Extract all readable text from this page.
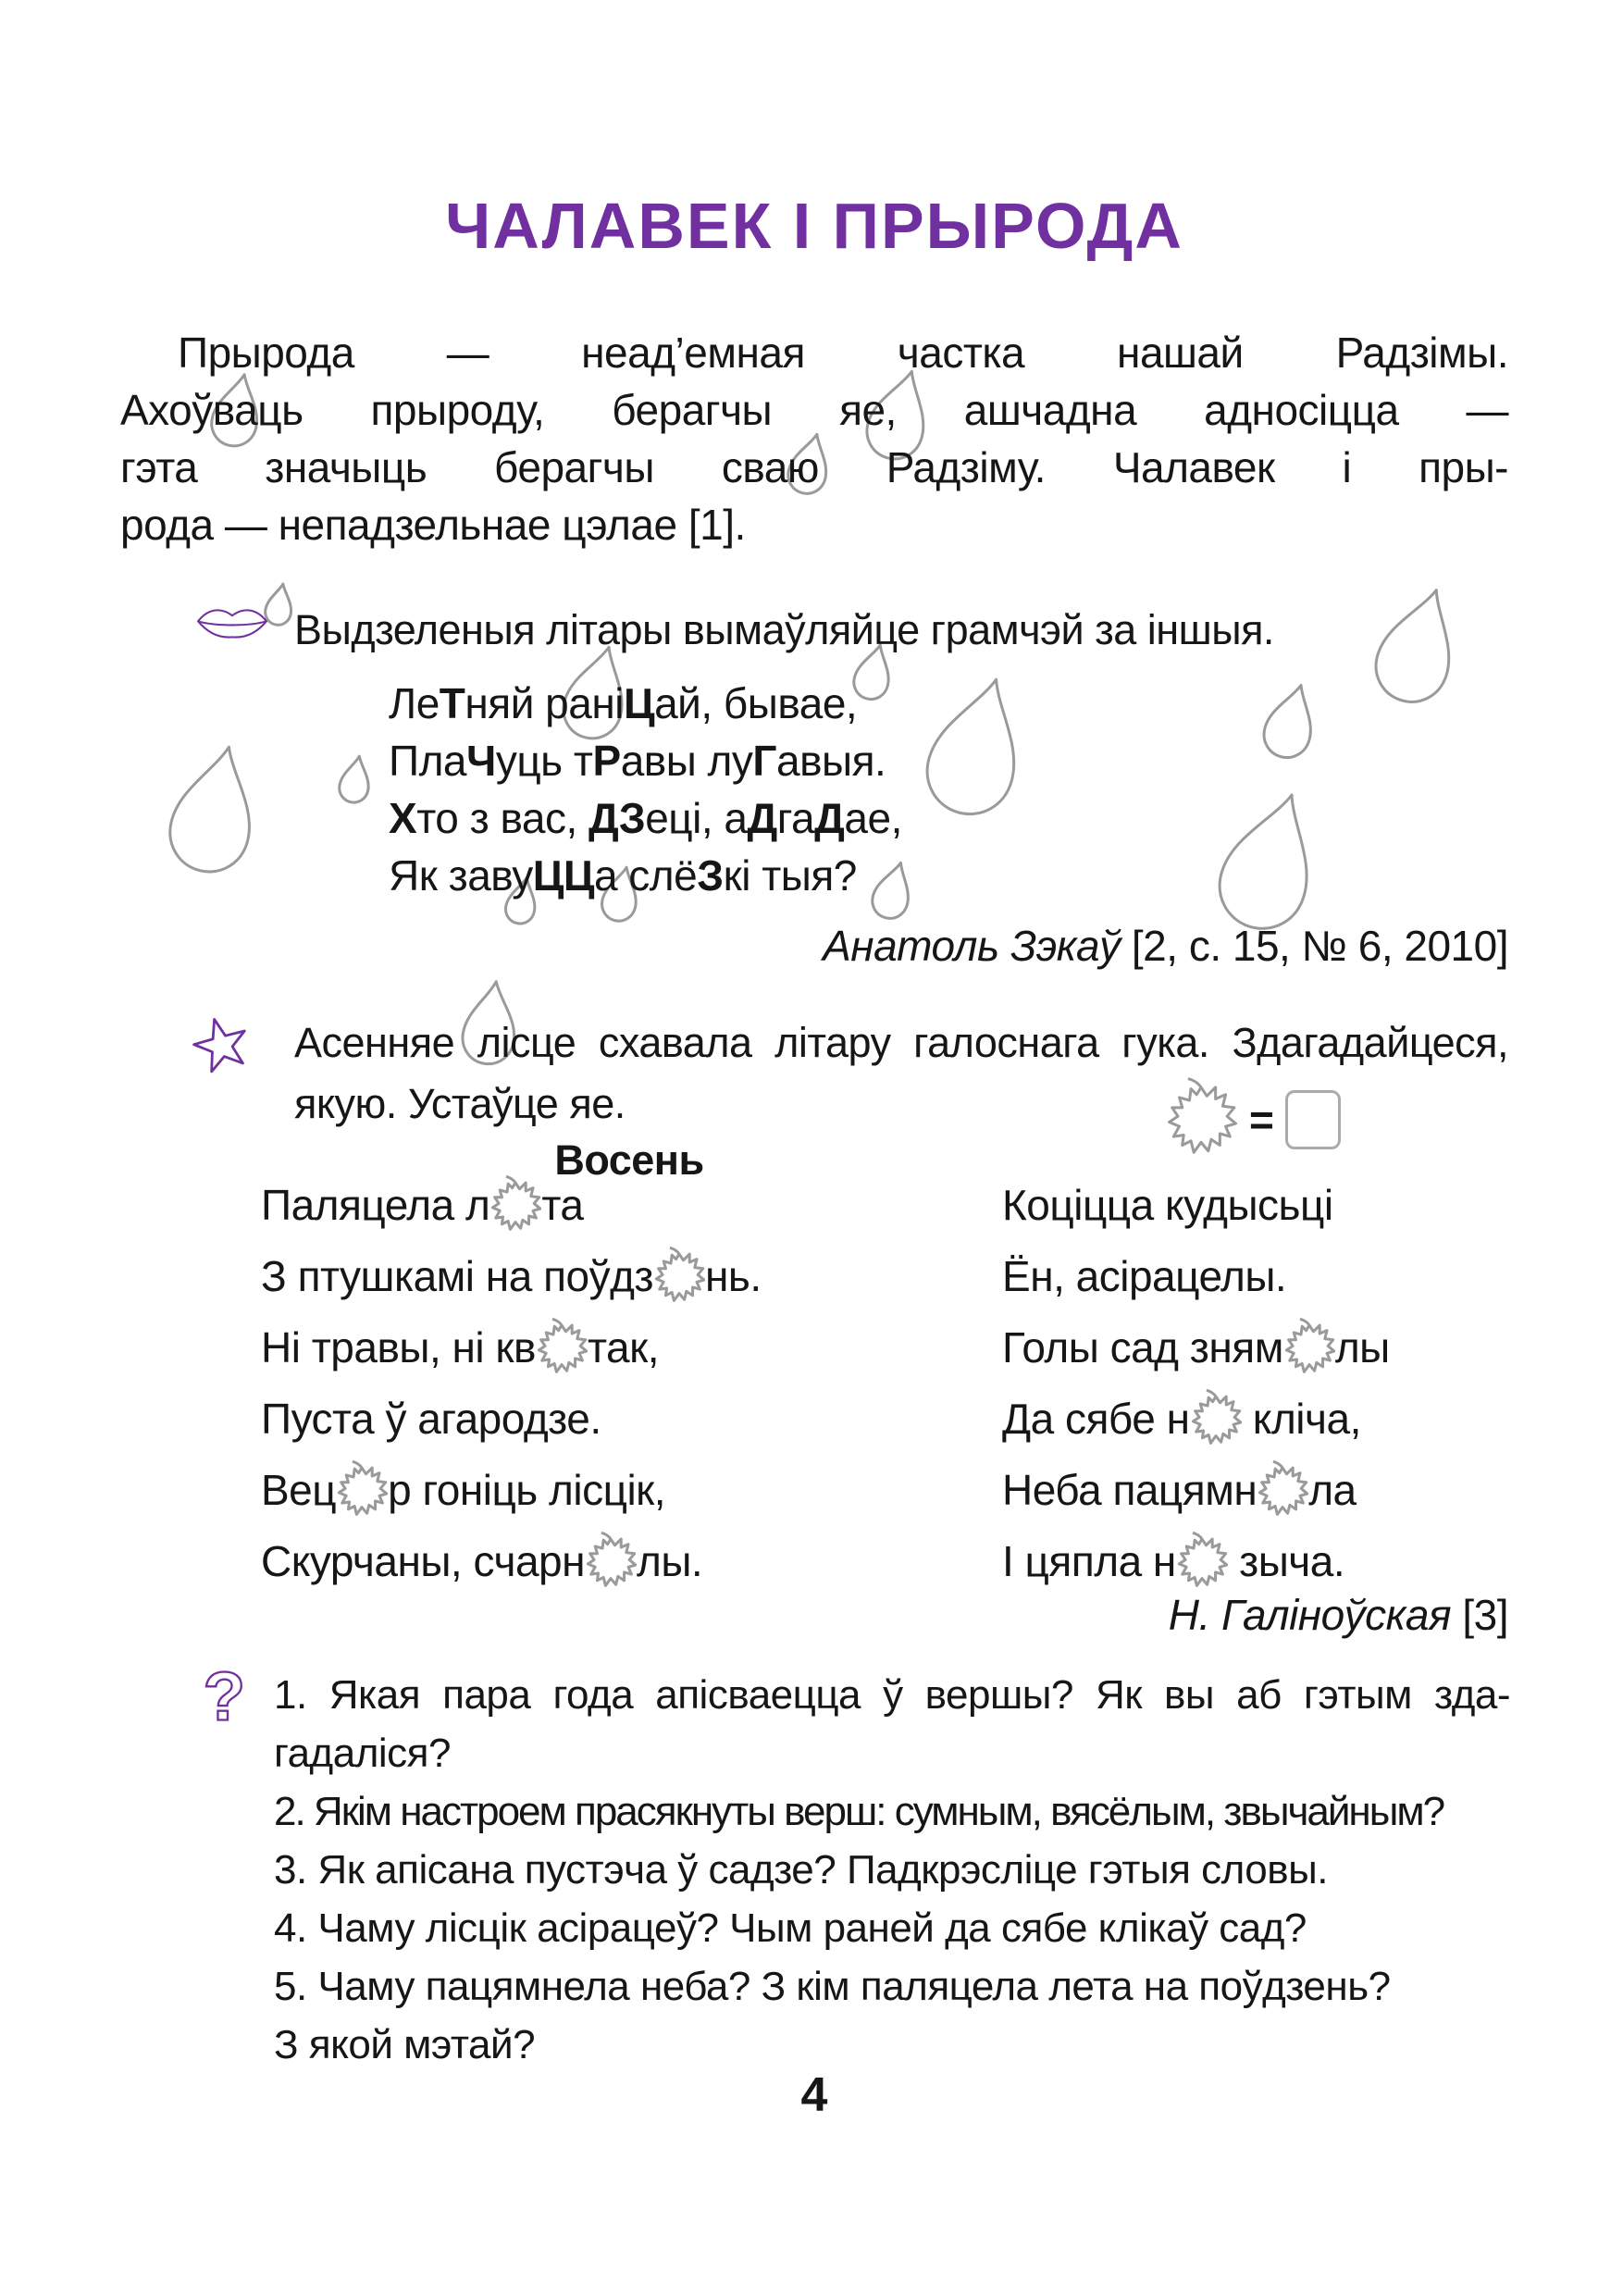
ЧАЛАВЕК І ПРЫРОДА
Прырода — неад’емная частка нашай Радзімы.
Ахоўваць прыроду, берагчы яе, ашчадна адносіцца —
гэта значыць берагчы сваю Радзіму. Чалавек і пры-
рода — непадзельнае цэлае [1].
Выдзеленыя літары вымаўляйце грамчэй за іншыя.
ЛеТняй раніЦай, бывае,
ПлаЧуць тРавы луГавыя.
Хто з вас, ДЗеці, аДгаДае,
Як завуЦЦа слёЗкі тыя?
Анатоль Зэкаў [2, с. 15, № 6, 2010]
Асенняе лісце схавала літару галоснага гука. Здагадайцеся,
якую. Устаўце яе.	=
Восень
Паляцела л та
З птушкамі на поўдз нь.
Ні травы, ні кв так,
Пуста ў агародзе.
Вец р гоніць лісцік,
Скурчаны, счарн лы.
Коціцца кудысьці
Ён, асірацелы.
Голы сад зням лы
Да сябе н кліча,
Неба пацямн ла
І цяпла н зыча.
Н. Галіноўская [3]
? 1. Якая пара года апісваецца ў вершы? Як вы аб гэтым зда-
гадаліся?
2. Якім настроем прасякнуты верш: сумным, вясёлым, звычайным?
3. Як апісана пустэча ў садзе? Падкрэсліце гэтыя словы.
4. Чаму лісцік асірацеў? Чым раней да сябе клікаў сад?
5. Чаму пацямнела неба? З кім паляцела лета на поўдзень?
З якой мэтай?
4
